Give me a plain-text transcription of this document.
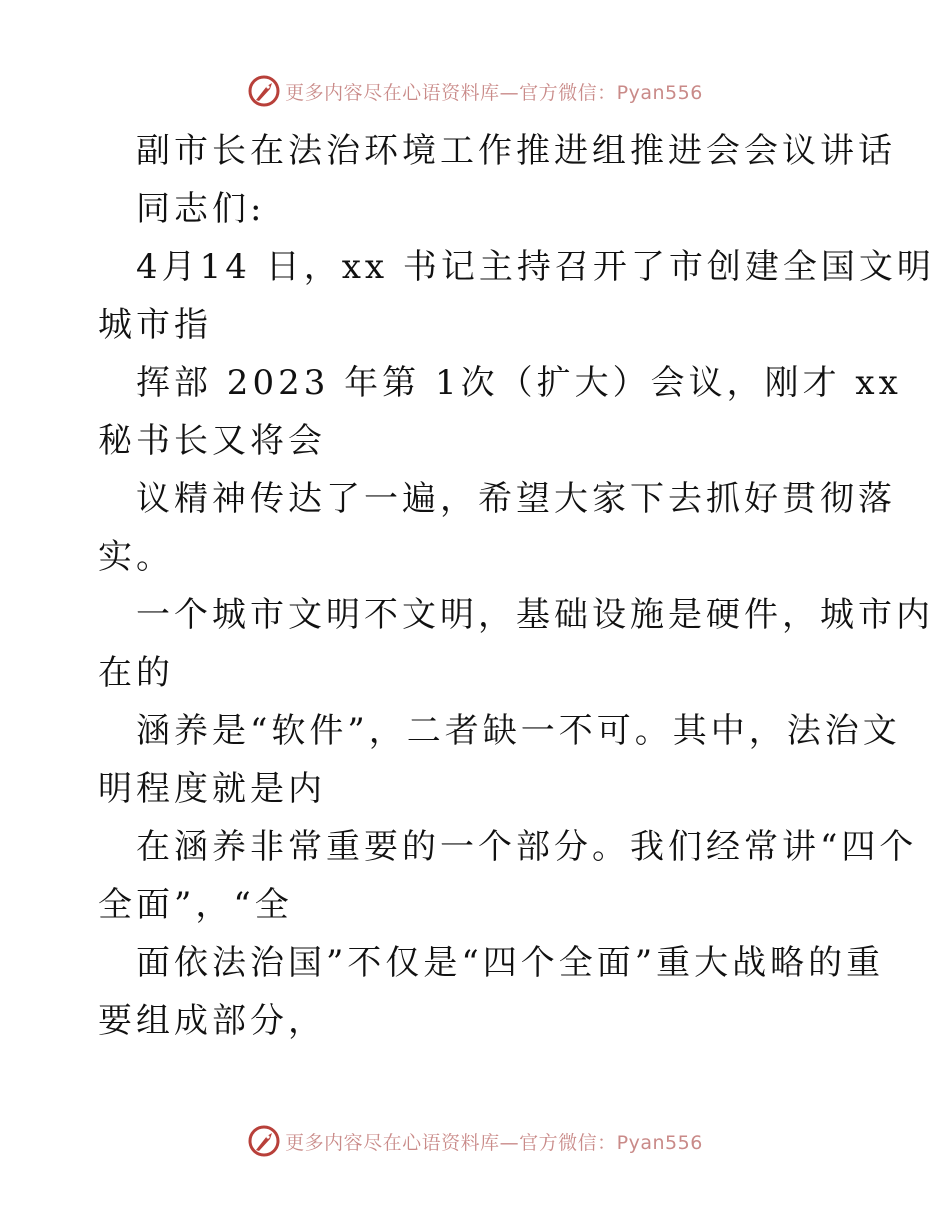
更多内容尽在心语资料库—官方微信：Pyan556
副市长在法治环境工作推进组推进会会议讲话
同志们:
4月14 日，xx 书记主持召开了市创建全国文明
城市指
挥部 2023 年第 1次（扩大）会议，刚才 xx
秘书长又将会
议精神传达了一遍，希望大家下去抓好贯彻落
实。
一个城市文明不文明，基础设施是硬件，城市内
在的
涵养是“软件”，二者缺一不可。其中，法治文
明程度就是内
在涵养非常重要的一个部分。我们经常讲“四个
全面”，“全
面依法治国”不仅是“四个全面”重大战略的重
要组成部分，
更多内容尽在心语资料库—官方微信：Pyan556
